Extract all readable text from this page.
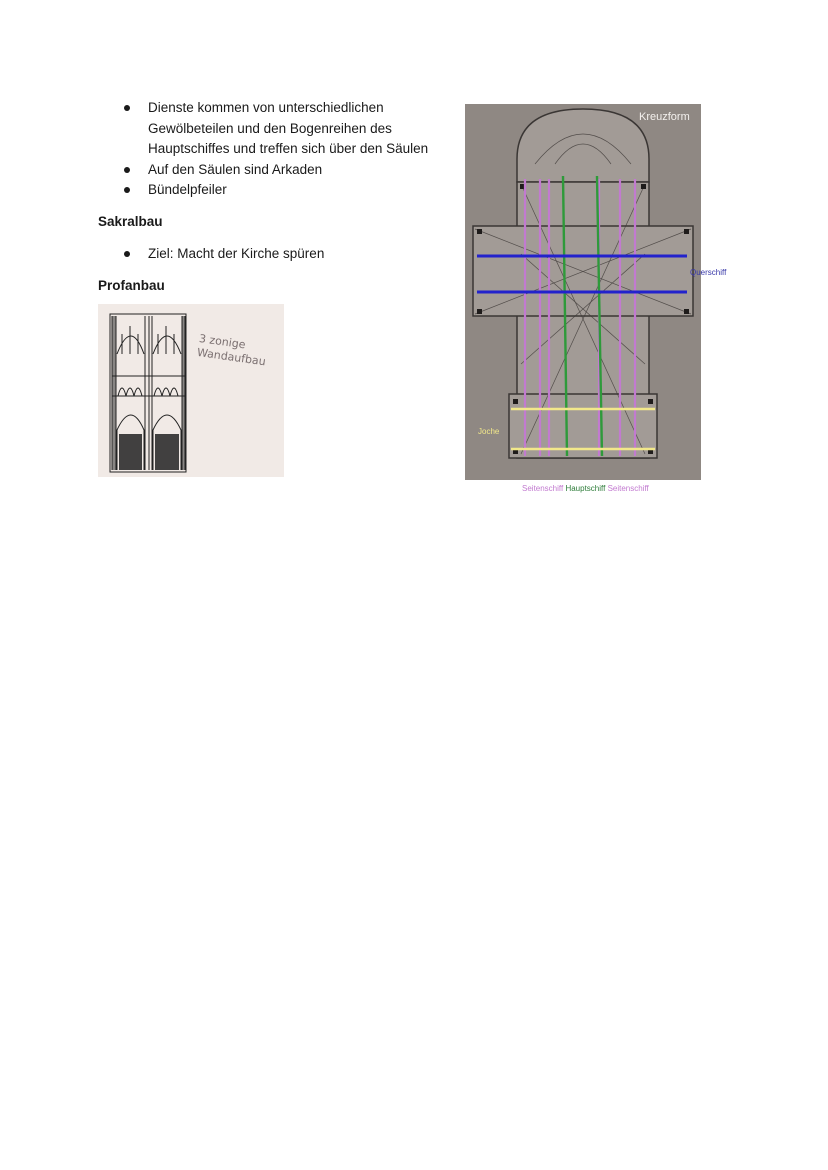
Dienste kommen von unterschiedlichen Gewölbeteilen und den Bogenreihen des Hauptschiffes und treffen sich über den Säulen
Auf den Säulen sind Arkaden
Bündelpfeiler
Sakralbau
Ziel: Macht der Kirche spüren
Profanbau
3 zonige Wandaufbau
Kreuzform
Querschiff
Joche
Seitenschiff Hauptschiff Seitenschiff
